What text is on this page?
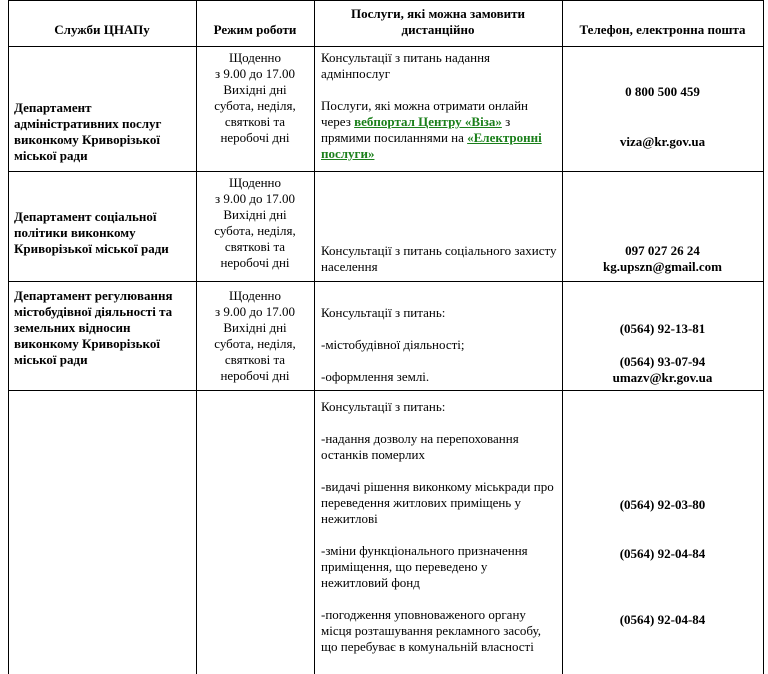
Служби ЦНАПу	Режим роботи
Послуги, які можна замовити дистанційно	Телефон, електронна пошта
Департамент адміністративних послуг виконкому Криворізької міської ради

Щоденно

з 9.00 до 17.00

Вихідні дні

субота, неділя,

святкові та

неробочі дні

Консультації з питань надання адмінпослуг

Послуги, які можна отримати онлайн через вебпортал Центру «Віза» з прямими посиланнями на «Електронні послуги»

0 800 500 459
viza@kr.gov.ua
Департамент соціальної політики виконкому Криворізької міської ради

Щоденно

з 9.00 до 17.00

Вихідні дні

субота, неділя,

святкові та

неробочі дні

Консультації з питань соціального захисту населення
097 027 26 24
kg.upszn@gmail.com
Департамент регулювання містобудівної діяльності та земельних відносин виконкому Криворізької міської ради

Щоденно

з 9.00 до 17.00

Вихідні дні

субота, неділя,

святкові та

неробочі дні

Консультації з питань:

-містобудівної діяльності;

-оформлення землі.

(0564) 92-13-81
(0564) 93-07-94
umazv@kr.gov.ua

Консультації з питань:

-надання дозволу на перепоховання останків померлих

-видачі рішення виконкому міськради про переведення житлових приміщень у нежитлові

-зміни функціонального призначення приміщення, що переведено у нежитловий фонд

-погодження уповноваженого органу місця розташування рекламного засобу, що перебуває в комунальній власності

(0564) 92-03-80
(0564) 92-04-84
(0564) 92-04-84
